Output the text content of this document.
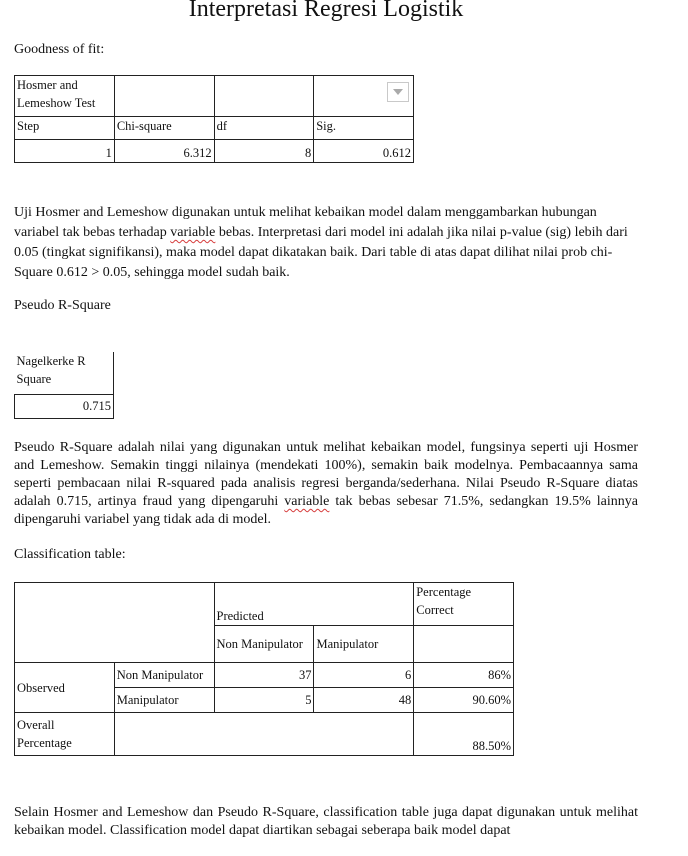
Interpretasi Regresi Logistik
Goodness of fit:
Hosmer and Lemeshow Test			

Step	Chi-square	df	Sig.
1	6.312	8	0.612
Uji Hosmer and Lemeshow digunakan untuk melihat kebaikan model dalam menggambarkan hubungan variabel tak bebas terhadap variable bebas. Interpretasi dari model ini adalah jika nilai p-value (sig) lebih dari 0.05 (tingkat signifikansi), maka model dapat dikatakan baik. Dari table di atas dapat dilihat nilai prob chi-Square 0.612 > 0.05, sehingga model sudah baik.
Pseudo R-Square
Nagelkerke R Square
0.715
Pseudo R-Square adalah nilai yang digunakan untuk melihat kebaikan model, fungsinya seperti uji Hosmer and Lemeshow. Semakin tinggi nilainya (mendekati 100%), semakin baik modelnya. Pembacaannya sama seperti pembacaan nilai R-squared pada analisis regresi berganda/sederhana. Nilai Pseudo R-Square diatas adalah 0.715, artinya fraud yang dipengaruhi variable tak bebas sebesar 71.5%, sedangkan 19.5% lainnya dipengaruhi variabel yang tidak ada di model.
Classification table:
		Predicted		Percentage Correct
		Non Manipulator	Manipulator	
Observed	Non Manipulator	37	6	86%
	Manipulator	5	48	90.60%
Overall Percentage				88.50%
Selain Hosmer and Lemeshow dan Pseudo R-Square, classification table juga dapat digunakan untuk melihat kebaikan model. Classification model dapat diartikan sebagai seberapa baik model dapat
